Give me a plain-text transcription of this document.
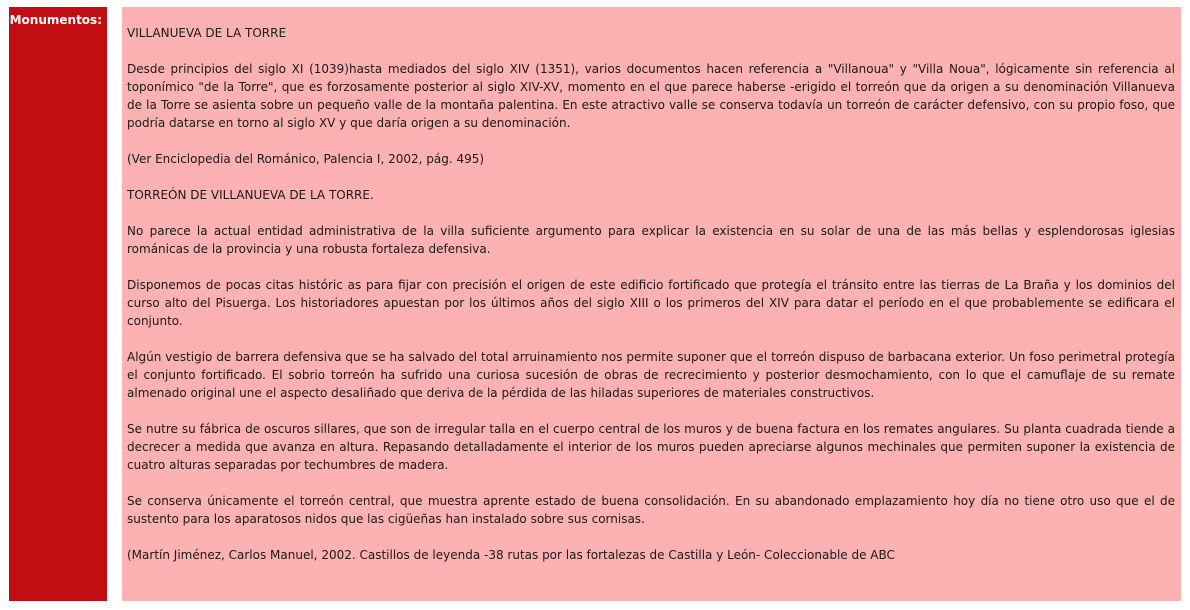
Monumentos:

VILLANUEVA DE LA TORRE

Desde principios del siglo XI (1039)hasta mediados del siglo XIV (1351), varios documentos hacen referencia a "Villanoua" y "Villa Noua", lógicamente sin referencia al toponímico "de la Torre", que es forzosamente posterior al siglo XIV-XV, momento en el que parece haberse -erigido el torreón que da origen a su denominación Villanueva de la Torre se asienta sobre un pequeño valle de la montaña palentina. En este atractivo valle se conserva todavía un torreón de carácter defensivo, con su propio foso, que podría datarse en torno al siglo XV y que daría origen a su denominación.

(Ver Enciclopedia del Románico, Palencia I, 2002, pág. 495)

TORREÓN DE VILLANUEVA DE LA TORRE.

No parece la actual entidad administrativa de la villa suficiente argumento para explicar la existencia en su solar de una de las más bellas y esplendorosas iglesias románicas de la provincia y una robusta fortaleza defensiva.

Disponemos de pocas citas históric as para fijar con precisión el origen de este edificio fortificado que protegía el tránsito entre las tierras de La Braña y los dominios del curso alto del Pisuerga. Los historiadores apuestan por los últimos años del siglo XIII o los primeros del XIV para datar el período en el que probablemente se edificara el conjunto.

Algún vestigio de barrera defensiva que se ha salvado del total arruinamiento nos permite suponer que el torreón dispuso de barbacana exterior. Un foso perimetral protegía el conjunto fortificado. El sobrio torreón ha sufrido una curiosa sucesión de obras de recrecimiento y posterior desmochamiento, con lo que el camuflaje de su remate almenado original une el aspecto desaliñado que deriva de la pérdida de las hiladas superiores de materiales constructivos.

Se nutre su fábrica de oscuros sillares, que son de irregular talla en el cuerpo central de los muros y de buena factura en los remates angulares. Su planta cuadrada tiende a decrecer a medida que avanza en altura. Repasando detalladamente el interior de los muros pueden apreciarse algunos mechinales que permiten suponer la existencia de cuatro alturas separadas por techumbres de madera.

Se conserva únicamente el torreón central, que muestra aprente estado de buena consolidación. En su abandonado emplazamiento hoy día no tiene otro uso que el de sustento para los aparatosos nidos que las cigüeñas han instalado sobre sus cornisas.

(Martín Jiménez, Carlos Manuel, 2002. Castillos de leyenda -38 rutas por las fortalezas de Castilla y León- Coleccionable de ABC
